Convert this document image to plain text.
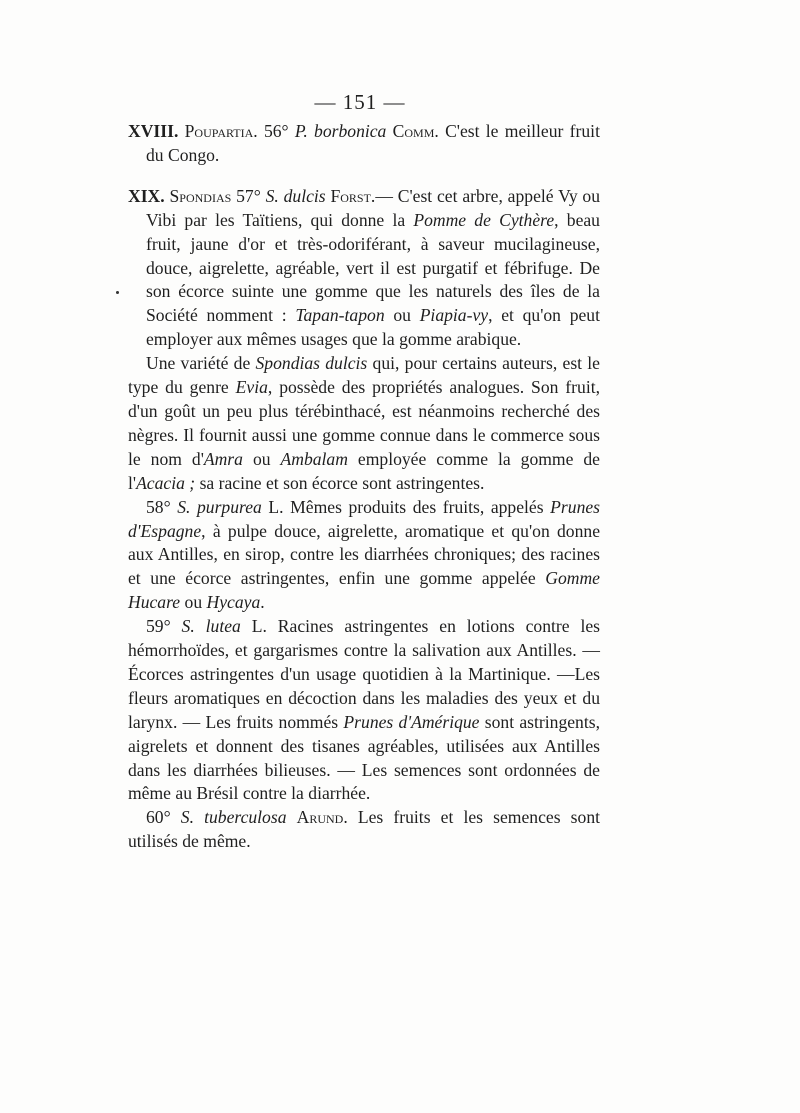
— 151 —

XVIII. Poupartia. 56° P. borbonica Comm. C'est le meilleur fruit du Congo.

XIX. Spondias 57° S. dulcis Forst.— C'est cet arbre, appelé Vy ou Vibi par les Taïtiens, qui donne la Pomme de Cythère, beau fruit, jaune d'or et très-odoriférant, à saveur mucilagineuse, douce, aigrelette, agréable, vert il est purgatif et fébrifuge. De son écorce suinte une gomme que les naturels des îles de la Société nomment : Tapan-tapon ou Piapia-vy, et qu'on peut employer aux mêmes usages que la gomme arabique.

Une variété de Spondias dulcis qui, pour certains auteurs, est le type du genre Evia, possède des propriétés analogues. Son fruit, d'un goût un peu plus térébinthacé, est néanmoins recherché des nègres. Il fournit aussi une gomme connue dans le commerce sous le nom d'Amra ou Ambalam employée comme la gomme de l'Acacia ; sa racine et son écorce sont astringentes.

58° S. purpurea L. Mêmes produits des fruits, appelés Prunes d'Espagne, à pulpe douce, aigrelette, aromatique et qu'on donne aux Antilles, en sirop, contre les diarrhées chroniques; des racines et une écorce astringentes, enfin une gomme appelée Gomme Hucare ou Hycaya.

59° S. lutea L. Racines astringentes en lotions contre les hémorrhoïdes, et gargarismes contre la salivation aux Antilles. — Écorces astringentes d'un usage quotidien à la Martinique. —Les fleurs aromatiques en décoction dans les maladies des yeux et du larynx. — Les fruits nommés Prunes d'Amérique sont astringents, aigrelets et donnent des tisanes agréables, utilisées aux Antilles dans les diarrhées bilieuses. — Les semences sont ordonnées de même au Brésil contre la diarrhée.

60° S. tuberculosa Arund. Les fruits et les semences sont utilisés de même.
